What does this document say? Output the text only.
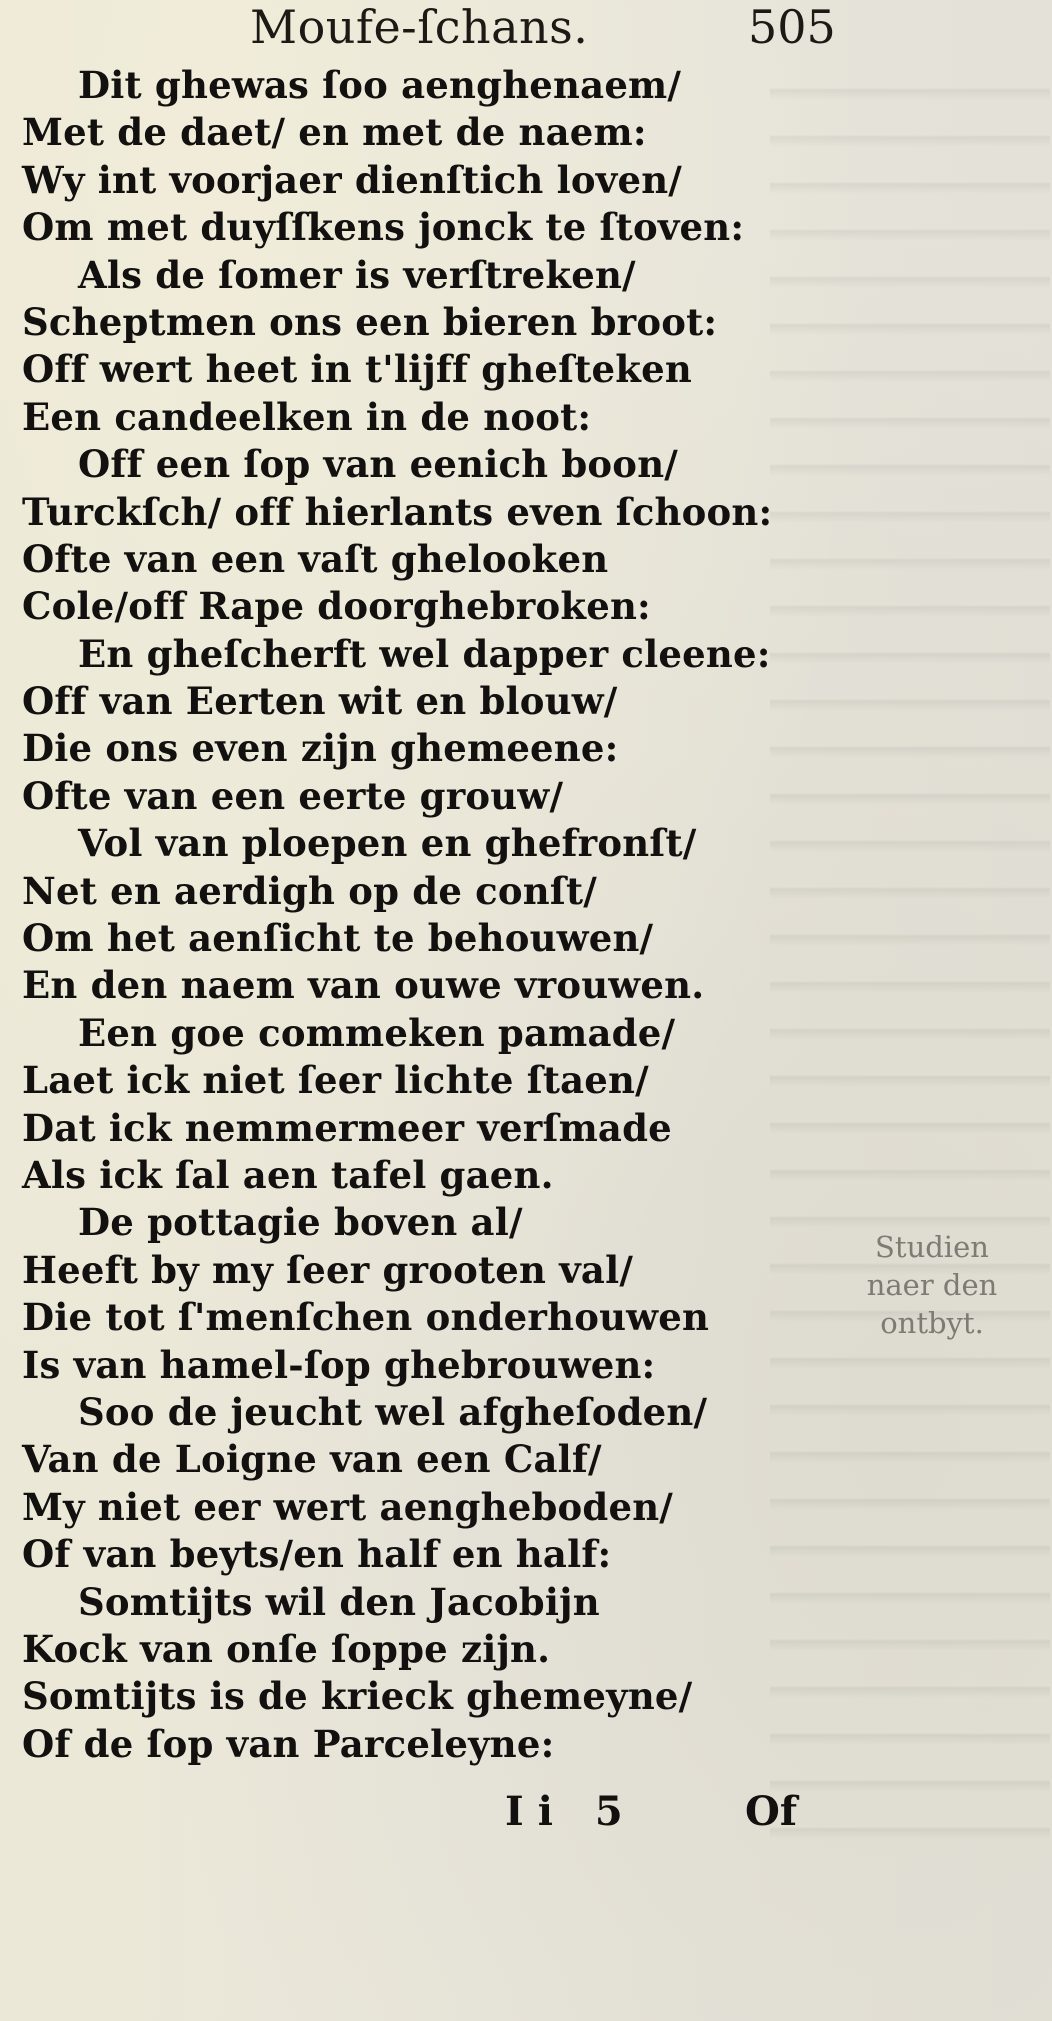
Moufe-ſchans.	505
Dit ghewas ſoo aenghenaem/
Met de daet/ en met de naem:
Wy int voorjaer dienſtich loven/
Om met duyſſkens jonck te ſtoven:
Als de ſomer is verſtreken/
Scheptmen ons een bieren broot:
Off wert heet in t'lijff gheſteken
Een candeelken in de noot:
Off een ſop van eenich boon/
Turckſch/ off hierlants even ſchoon:
Ofte van een vaſt ghelooken
Cole/off Rape doorghebroken:
En gheſcherft wel dapper cleene:
Off van Eerten wit en blouw/
Die ons even zijn ghemeene:
Ofte van een eerte grouw/
Vol van ploepen en ghefronſt/
Net en aerdigh op de conſt/
Om het aenſicht te behouwen/
En den naem van ouwe vrouwen.
Een goe commeken pamade/
Laet ick niet ſeer lichte ſtaen/
Dat ick nemmermeer verſmade
Als ick ſal aen tafel gaen.
De pottagie boven al/
Heeft by my ſeer grooten val/
Die tot ſ'menſchen onderhouwen
Is van hamel-ſop ghebrouwen:
Soo de jeucht wel afgheſoden/
Van de Loigne van een Calf/
My niet eer wert aengheboden/
Of van beyts/en half en half:
Somtijts wil den Jacobijn
Kock van onſe ſoppe zijn.
Somtijts is de krieck ghemeyne/
Of de ſop van Parceleyne:
Studien
naer den
ontbyt.
Ii 5	Of
